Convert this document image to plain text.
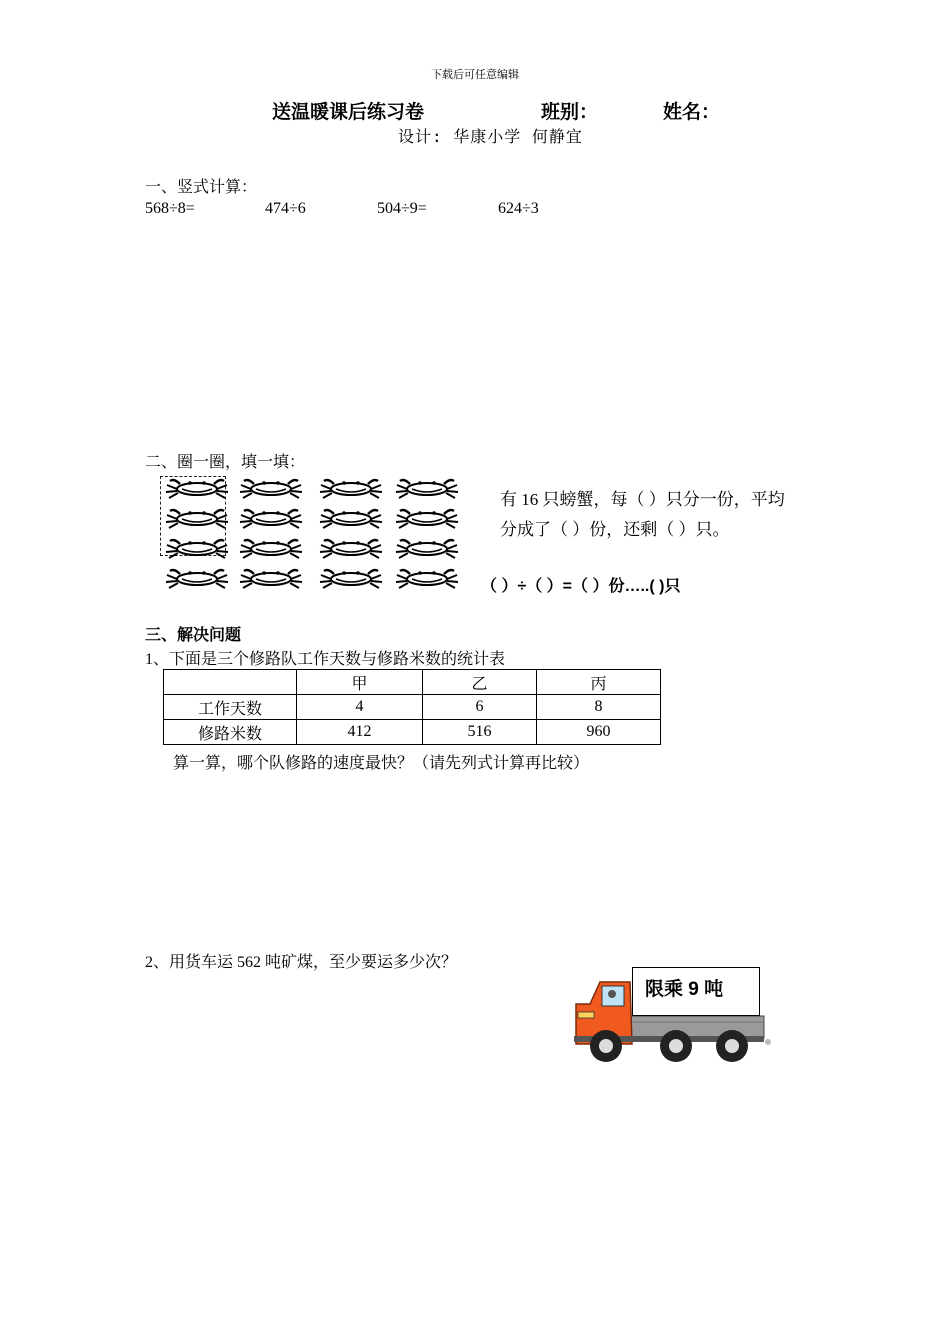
下载后可任意编辑
送温暖课后练习卷	班别：	姓名：
设计: 华康小学 何静宜
一、竖式计算：
568÷8=	474÷6	504÷9=	624÷3
二、圈一圈，填一填：
有 16 只螃蟹，每（ ）只分一份，平均
分成了（ ）份，还剩（ ）只。
（ ）÷（ ）=（ ）份…..( )只
三、解决问题
1、下面是三个修路队工作天数与修路米数的统计表
	甲	乙	丙
工作天数	4	6	8
修路米数	412	516	960
算一算，哪个队修路的速度最快？（请先列式计算再比较）
2、用货车运 562 吨矿煤，至少要运多少次？
限乘 9 吨
